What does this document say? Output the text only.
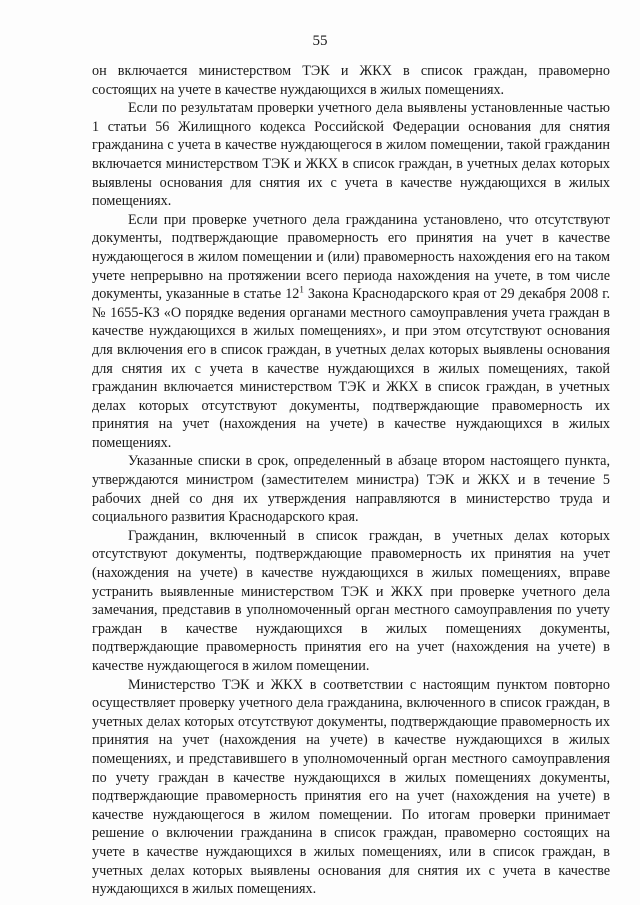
55

он включается министерством ТЭК и ЖКХ в список граждан, правомерно состоящих на учете в качестве нуждающихся в жилых помещениях.

Если по результатам проверки учетного дела выявлены установленные частью 1 статьи 56 Жилищного кодекса Российской Федерации основания для снятия гражданина с учета в качестве нуждающегося в жилом помещении, такой гражданин включается министерством ТЭК и ЖКХ в список граждан, в учетных делах которых выявлены основания для снятия их с учета в качестве нуждающихся в жилых помещениях.

Если при проверке учетного дела гражданина установлено, что отсутствуют документы, подтверждающие правомерность его принятия на учет в качестве нуждающегося в жилом помещении и (или) правомерность нахождения его на таком учете непрерывно на протяжении всего периода нахождения на учете, в том числе документы, указанные в статье $12^1$ Закона Краснодарского края от 29 декабря 2008 г. № 1655-КЗ «О порядке ведения органами местного самоуправления учета граждан в качестве нуждающихся в жилых помещениях», и при этом отсутствуют основания для включения его в список граждан, в учетных делах которых выявлены основания для снятия их с учета в качестве нуждающихся в жилых помещениях, такой гражданин включается министерством ТЭК и ЖКХ в список граждан, в учетных делах которых отсутствуют документы, подтверждающие правомерность их принятия на учет (нахождения на учете) в качестве нуждающихся в жилых помещениях.

Указанные списки в срок, определенный в абзаце втором настоящего пункта, утверждаются министром (заместителем министра) ТЭК и ЖКХ и в течение 5 рабочих дней со дня их утверждения направляются в министерство труда и социального развития Краснодарского края.

Гражданин, включенный в список граждан, в учетных делах которых отсутствуют документы, подтверждающие правомерность их принятия на учет (нахождения на учете) в качестве нуждающихся в жилых помещениях, вправе устранить выявленные министерством ТЭК и ЖКХ при проверке учетного дела замечания, представив в уполномоченный орган местного самоуправления по учету граждан в качестве нуждающихся в жилых помещениях документы, подтверждающие правомерность принятия его на учет (нахождения на учете) в качестве нуждающегося в жилом помещении.

Министерство ТЭК и ЖКХ в соответствии с настоящим пунктом повторно осуществляет проверку учетного дела гражданина, включенного в список граждан, в учетных делах которых отсутствуют документы, подтверждающие правомерность их принятия на учет (нахождения на учете) в качестве нуждающихся в жилых помещениях, и представившего в уполномоченный орган местного самоуправления по учету граждан в качестве нуждающихся в жилых помещениях документы, подтверждающие правомерность принятия его на учет (нахождения на учете) в качестве нуждающегося в жилом помещении. По итогам проверки принимает решение о включении гражданина в список граждан, правомерно состоящих на учете в качестве нуждающихся в жилых помещениях, или в список граждан, в учетных делах которых выявлены основания для снятия их с учета в качестве нуждающихся в жилых помещениях.
